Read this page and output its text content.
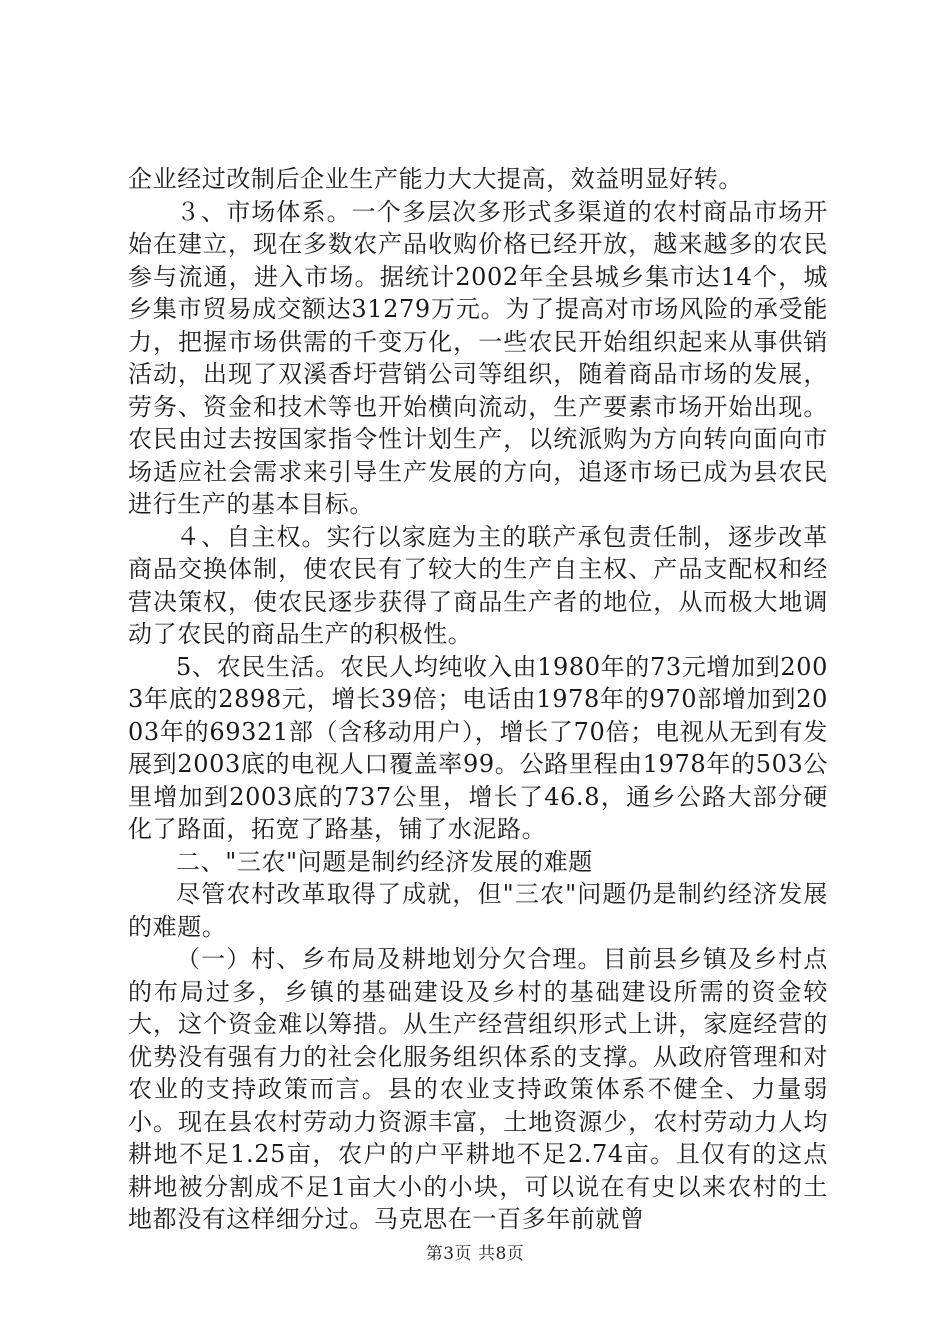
企业经过改制后企业生产能力大大提高，效益明显好转。

３、市场体系。一个多层次多形式多渠道的农村商品市场开始在建立，现在多数农产品收购价格已经开放，越来越多的农民参与流通，进入市场。据统计2002年全县城乡集市达14个，城乡集市贸易成交额达31279万元。为了提高对市场风险的承受能力，把握市场供需的千变万化，一些农民开始组织起来从事供销活动，出现了双溪香圩营销公司等组织，随着商品市场的发展，劳务、资金和技术等也开始横向流动，生产要素市场开始出现。农民由过去按国家指令性计划生产，以统派购为方向转向面向市场适应社会需求来引导生产发展的方向，追逐市场已成为县农民进行生产的基本目标。

４、自主权。实行以家庭为主的联产承包责任制，逐步改革商品交换体制，使农民有了较大的生产自主权、产品支配权和经营决策权，使农民逐步获得了商品生产者的地位，从而极大地调动了农民的商品生产的积极性。

5、农民生活。农民人均纯收入由1980年的73元增加到2003年底的2898元，增长39倍；电话由1978年的970部增加到2003年的69321部（含移动用户），增长了70倍；电视从无到有发展到2003底的电视人口覆盖率99。公路里程由1978年的503公里增加到2003底的737公里，增长了46.8，通乡公路大部分硬化了路面，拓宽了路基，铺了水泥路。

二、"三农"问题是制约经济发展的难题

尽管农村改革取得了成就，但"三农"问题仍是制约经济发展的难题。

（一）村、乡布局及耕地划分欠合理。目前县乡镇及乡村点的布局过多，乡镇的基础建设及乡村的基础建设所需的资金较大，这个资金难以筹措。从生产经营组织形式上讲，家庭经营的优势没有强有力的社会化服务组织体系的支撑。从政府管理和对农业的支持政策而言。县的农业支持政策体系不健全、力量弱小。现在县农村劳动力资源丰富，土地资源少，农村劳动力人均耕地不足1.25亩，农户的户平耕地不足2.74亩。且仅有的这点耕地被分割成不足1亩大小的小块，可以说在有史以来农村的土地都没有这样细分过。马克思在一百多年前就曾

第3页 共8页
